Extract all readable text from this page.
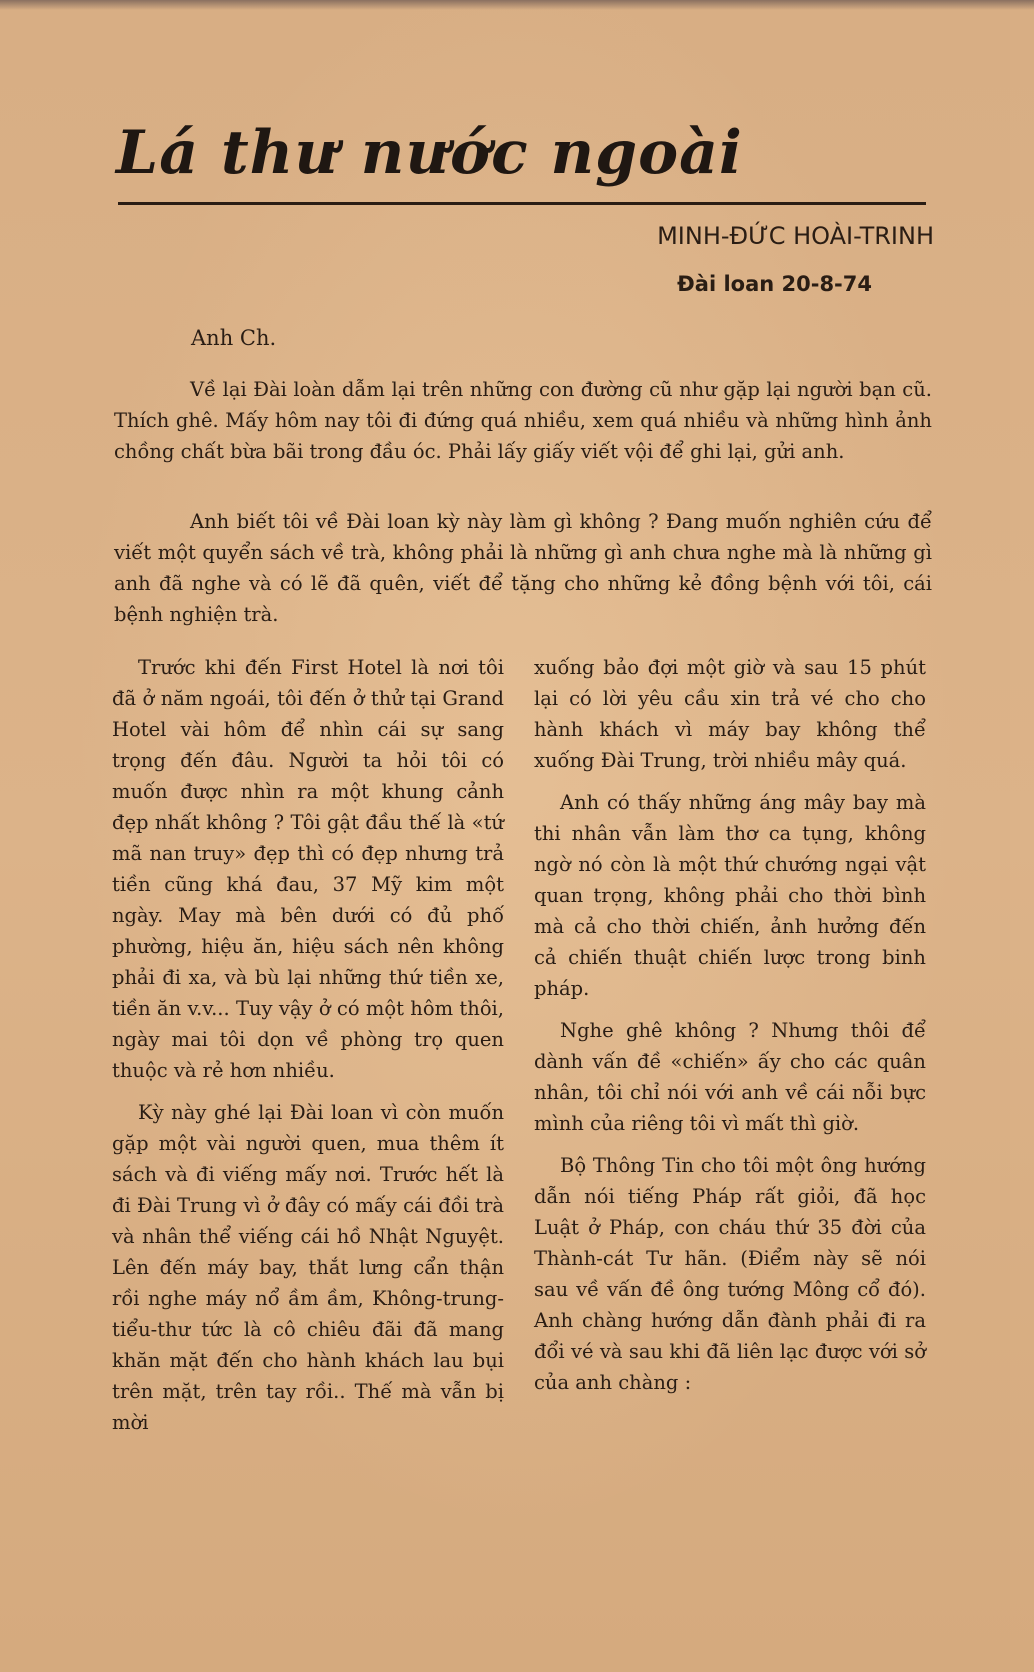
Lá thư nước ngoài
MINH-ĐỨC HOÀI-TRINH
Đài loan 20-8-74
Anh Ch.

Về lại Đài loàn dẫm lại trên những con đường cũ như gặp lại người bạn cũ. Thích ghê. Mấy hôm nay tôi đi đứng quá nhiều, xem quá nhiều và những hình ảnh chồng chất bừa bãi trong đầu óc. Phải lấy giấy viết vội để ghi lại, gửi anh.

Anh biết tôi về Đài loan kỳ này làm gì không ? Đang muốn nghiên cứu để viết một quyển sách về trà, không phải là những gì anh chưa nghe mà là những gì anh đã nghe và có lẽ đã quên, viết để tặng cho những kẻ đồng bệnh với tôi, cái bệnh nghiện trà.

Trước khi đến First Hotel là nơi tôi đã ở năm ngoái, tôi đến ở thử tại Grand Hotel vài hôm để nhìn cái sự sang trọng đến đâu. Người ta hỏi tôi có muốn được nhìn ra một khung cảnh đẹp nhất không ? Tôi gật đầu thế là «tứ mã nan truy» đẹp thì có đẹp nhưng trả tiền cũng khá đau, 37 Mỹ kim một ngày. May mà bên dưới có đủ phố phường, hiệu ăn, hiệu sách nên không phải đi xa, và bù lại những thứ tiền xe, tiền ăn v.v... Tuy vậy ở có một hôm thôi, ngày mai tôi dọn về phòng trọ quen thuộc và rẻ hơn nhiều.

Kỳ này ghé lại Đài loan vì còn muốn gặp một vài người quen, mua thêm ít sách và đi viếng mấy nơi. Trước hết là đi Đài Trung vì ở đây có mấy cái đồi trà và nhân thể viếng cái hồ Nhật Nguyệt. Lên đến máy bay, thắt lưng cẩn thận rồi nghe máy nổ ầm ầm, Không-trung-tiểu-thư tức là cô chiêu đãi đã mang khăn mặt đến cho hành khách lau bụi trên mặt, trên tay rồi.. Thế mà vẫn bị mời

xuống bảo đợi một giờ và sau 15 phút lại có lời yêu cầu xin trả vé cho cho hành khách vì máy bay không thể xuống Đài Trung, trời nhiều mây quá.

Anh có thấy những áng mây bay mà thi nhân vẫn làm thơ ca tụng, không ngờ nó còn là một thứ chướng ngại vật quan trọng, không phải cho thời bình mà cả cho thời chiến, ảnh hưởng đến cả chiến thuật chiến lược trong binh pháp.

Nghe ghê không ? Nhưng thôi để dành vấn đề «chiến» ấy cho các quân nhân, tôi chỉ nói với anh về cái nỗi bực mình của riêng tôi vì mất thì giờ.

Bộ Thông Tin cho tôi một ông hướng dẫn nói tiếng Pháp rất giỏi, đã học Luật ở Pháp, con cháu thứ 35 đời của Thành-cát Tư hãn. (Điểm này sẽ nói sau về vấn đề ông tướng Mông cổ đó). Anh chàng hướng dẫn đành phải đi ra đổi vé và sau khi đã liên lạc được với sở của anh chàng :
